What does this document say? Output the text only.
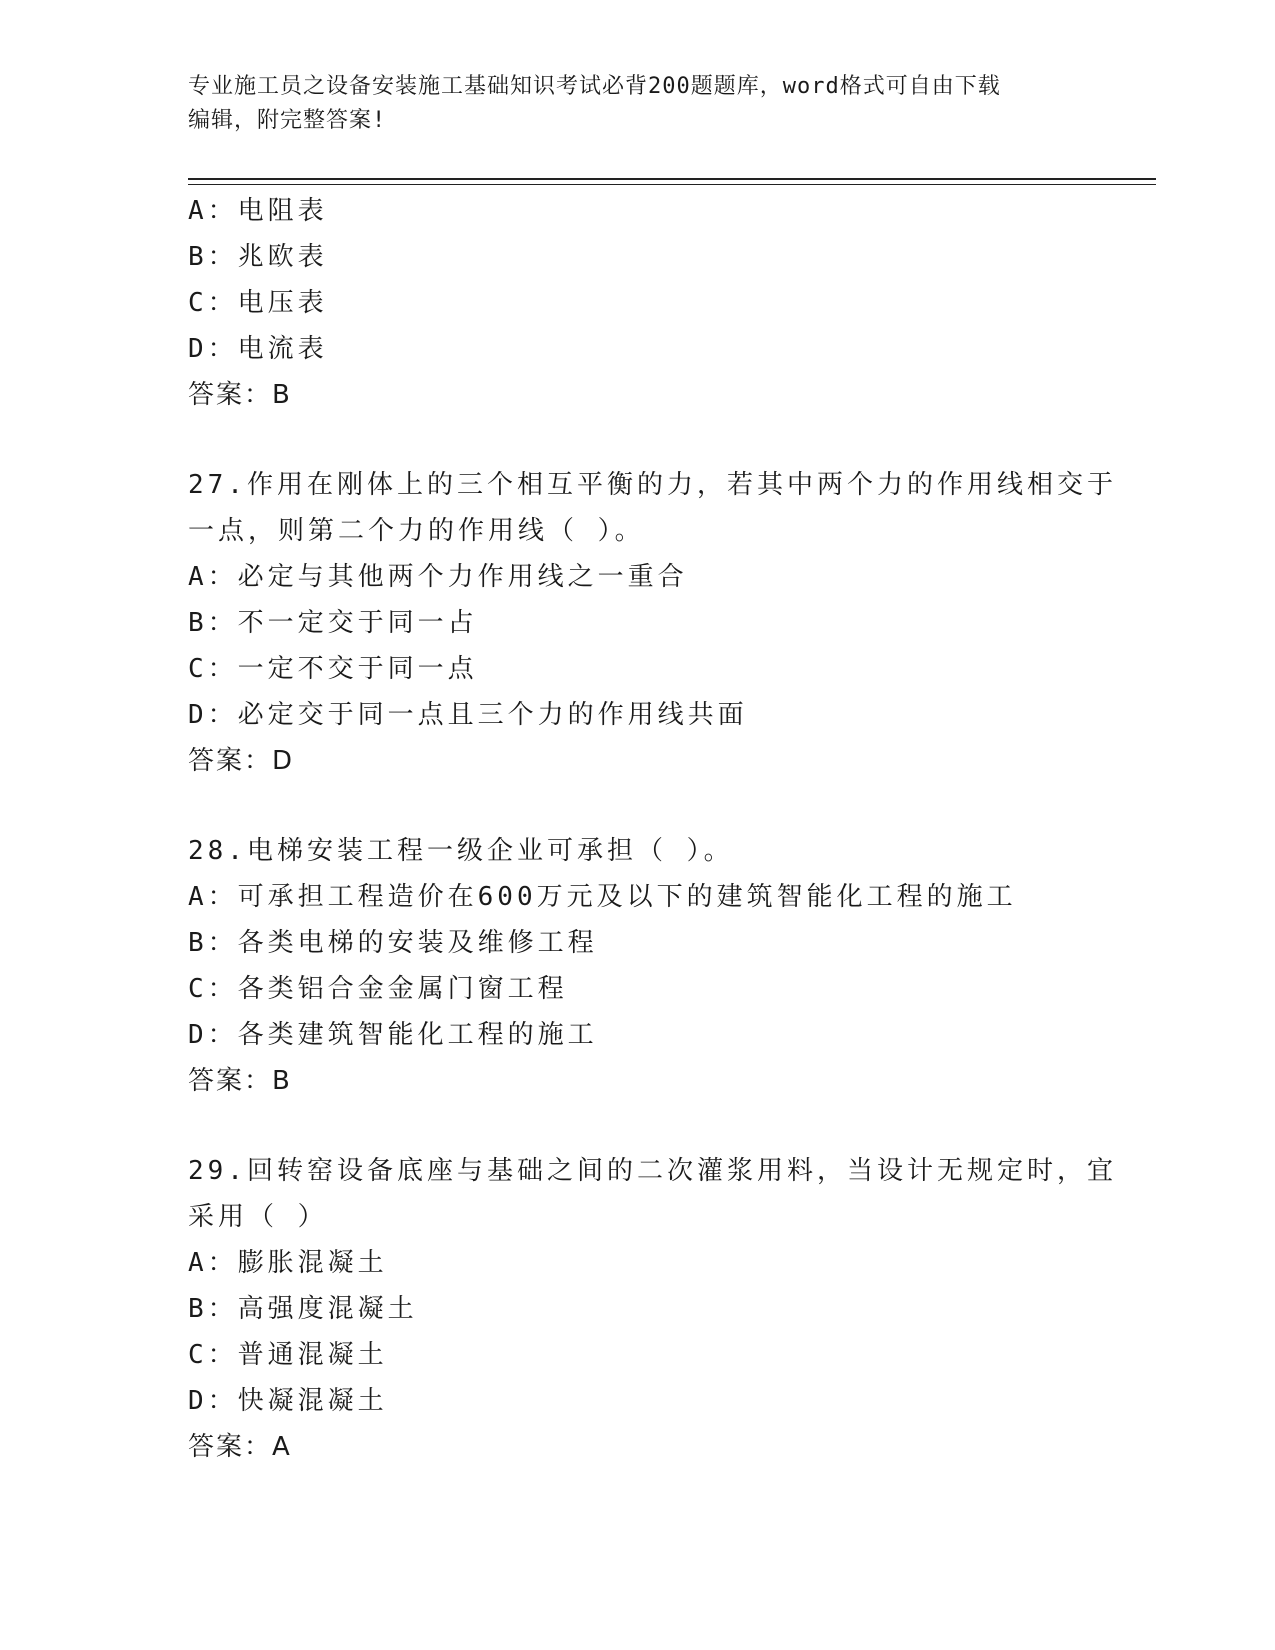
专业施工员之设备安装施工基础知识考试必背200题题库，word格式可自由下载
编辑，附完整答案!
A：电阻表
B：兆欧表
C：电压表
D：电流表
答案：B
27.作用在刚体上的三个相互平衡的力，若其中两个力的作用线相交于
一点，则第二个力的作用线（ ）。
A：必定与其他两个力作用线之一重合
B：不一定交于同一占
C：一定不交于同一点
D：必定交于同一点且三个力的作用线共面
答案：D
28.电梯安装工程一级企业可承担（ ）。
A：可承担工程造价在600万元及以下的建筑智能化工程的施工
B：各类电梯的安装及维修工程
C：各类铝合金金属门窗工程
D：各类建筑智能化工程的施工
答案：B
29.回转窑设备底座与基础之间的二次灌浆用料，当设计无规定时，宜
采用（ ）
A：膨胀混凝土
B：高强度混凝土
C：普通混凝土
D：快凝混凝土
答案：A
